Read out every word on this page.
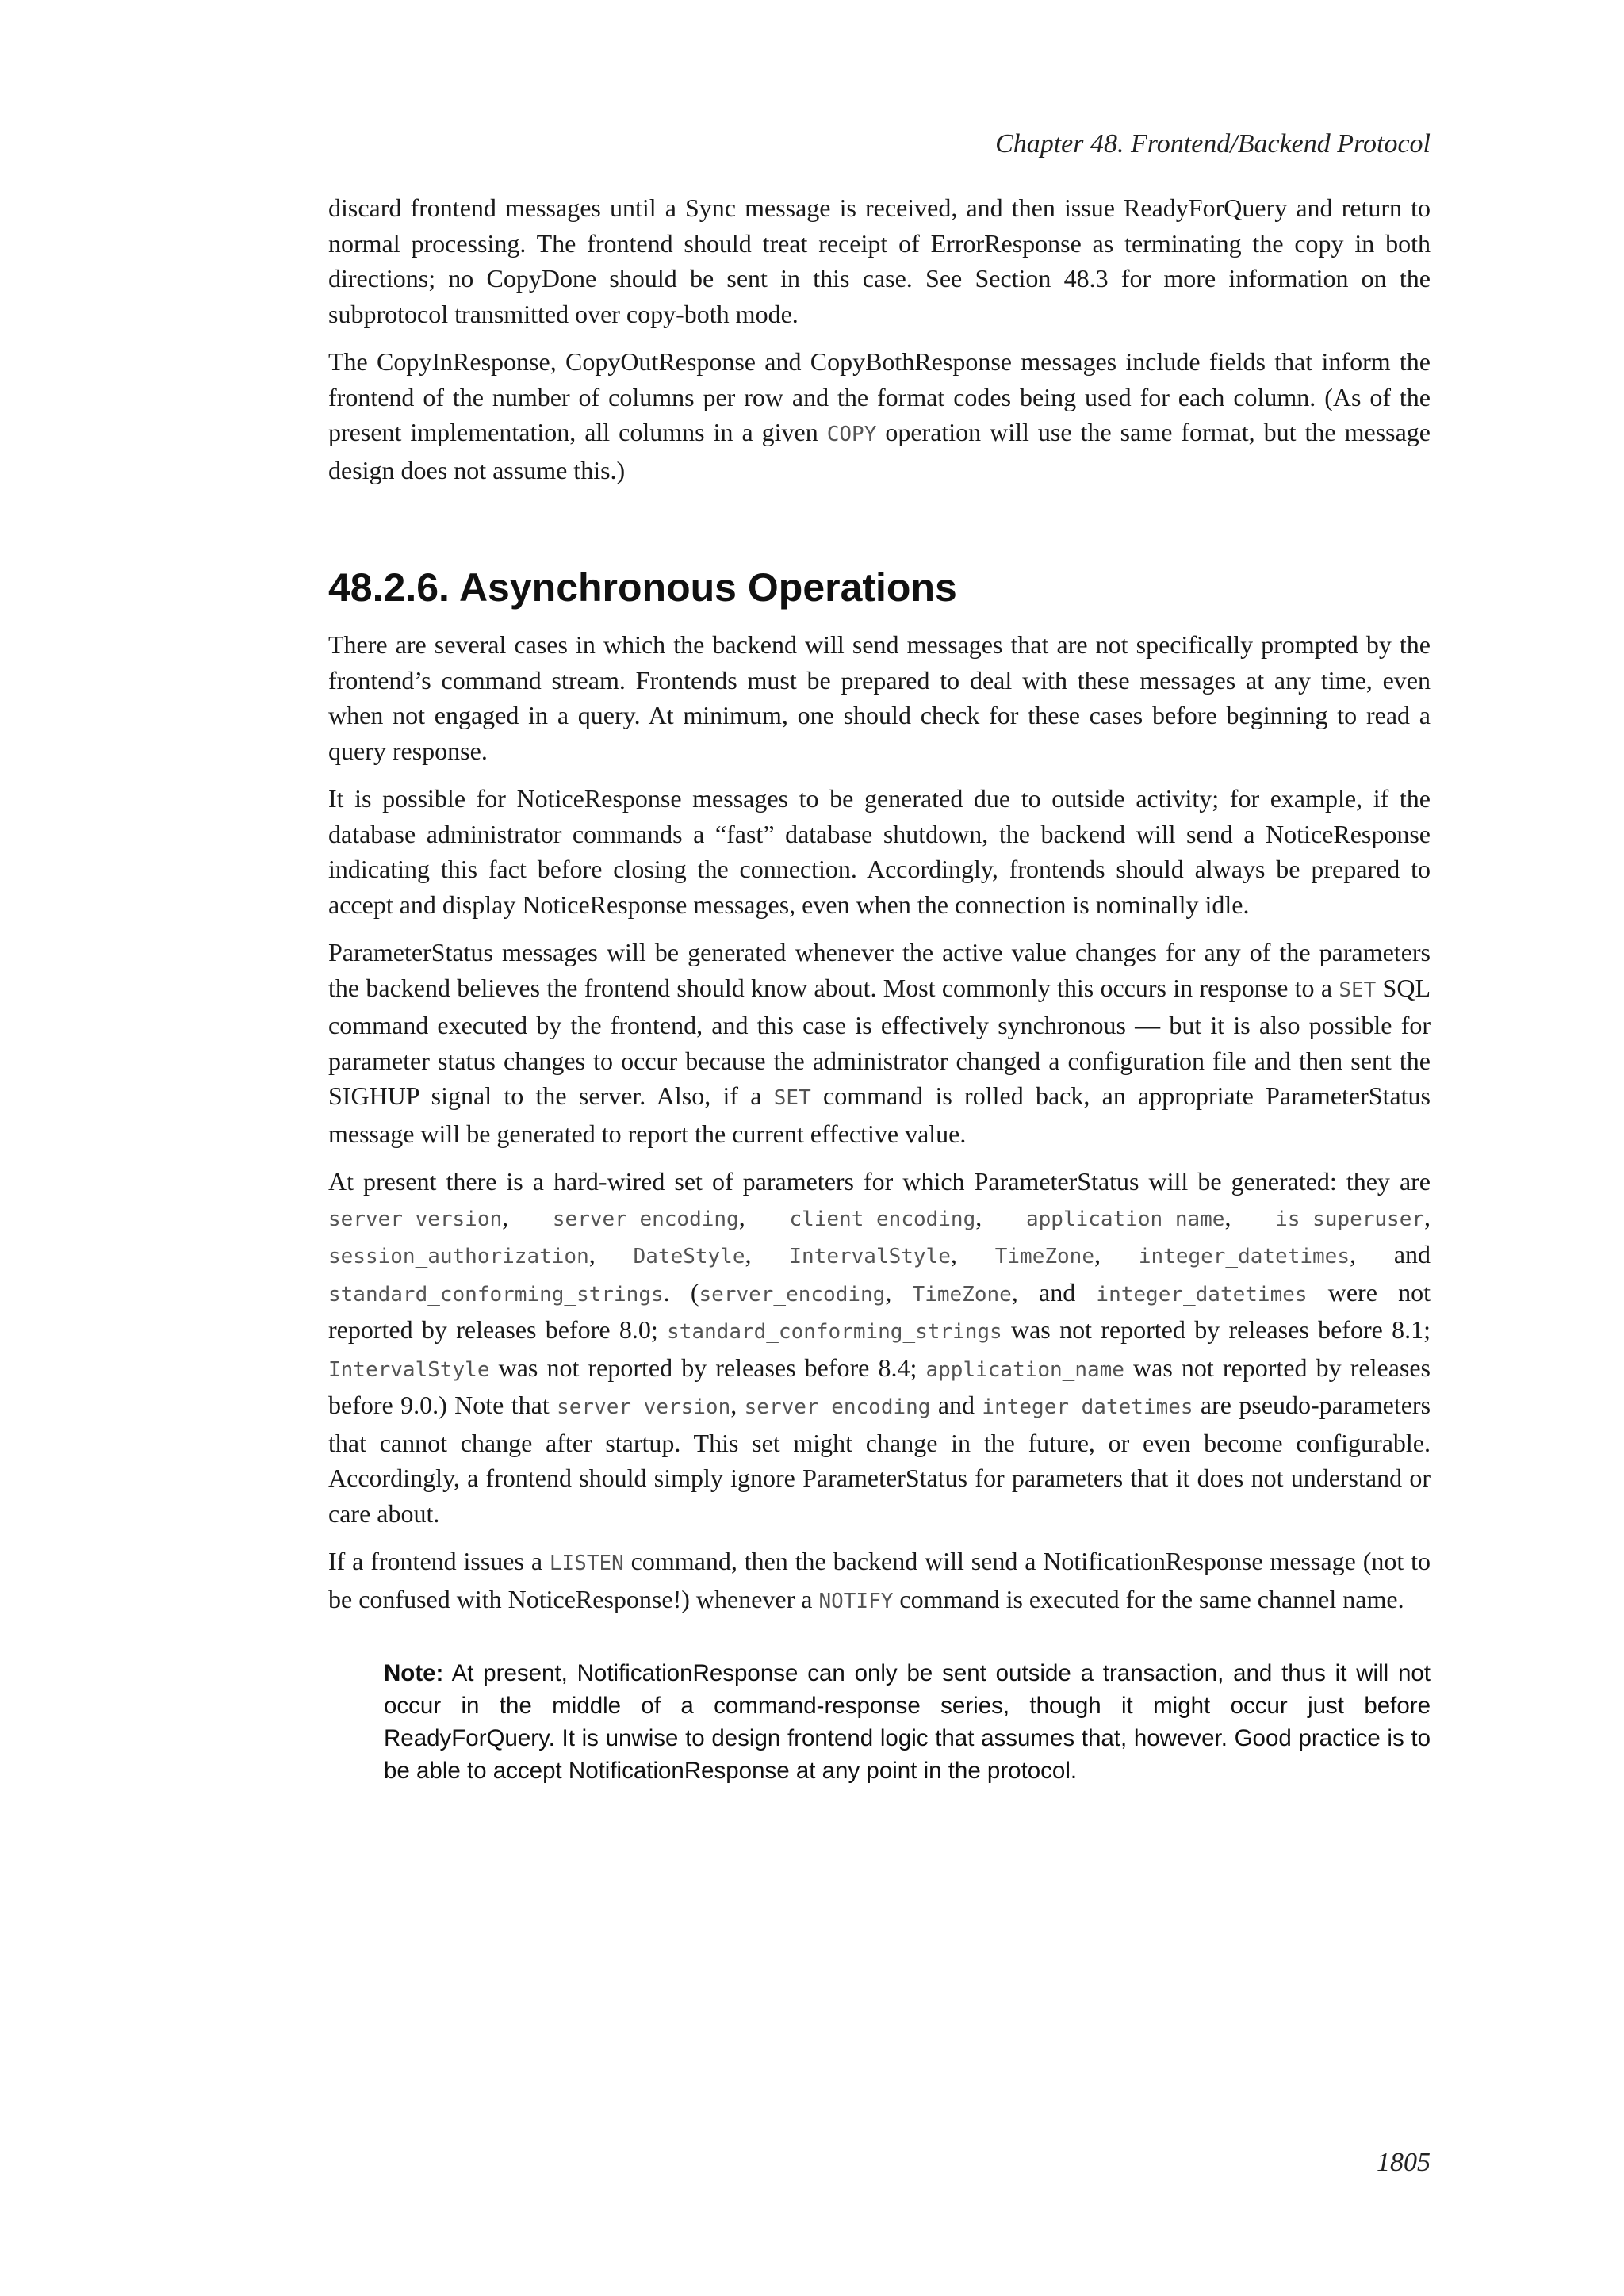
Chapter 48. Frontend/Backend Protocol

discard frontend messages until a Sync message is received, and then issue ReadyForQuery and return to normal processing. The frontend should treat receipt of ErrorResponse as terminating the copy in both directions; no CopyDone should be sent in this case. See Section 48.3 for more information on the subprotocol transmitted over copy-both mode.

The CopyInResponse, CopyOutResponse and CopyBothResponse messages include fields that inform the frontend of the number of columns per row and the format codes being used for each column. (As of the present implementation, all columns in a given COPY operation will use the same format, but the message design does not assume this.)

48.2.6. Asynchronous Operations

There are several cases in which the backend will send messages that are not specifically prompted by the frontend’s command stream. Frontends must be prepared to deal with these messages at any time, even when not engaged in a query. At minimum, one should check for these cases before beginning to read a query response.

It is possible for NoticeResponse messages to be generated due to outside activity; for example, if the database administrator commands a “fast” database shutdown, the backend will send a NoticeResponse indicating this fact before closing the connection. Accordingly, frontends should always be prepared to accept and display NoticeResponse messages, even when the connection is nominally idle.

ParameterStatus messages will be generated whenever the active value changes for any of the parameters the backend believes the frontend should know about. Most commonly this occurs in response to a SET SQL command executed by the frontend, and this case is effectively synchronous — but it is also possible for parameter status changes to occur because the administrator changed a configuration file and then sent the SIGHUP signal to the server. Also, if a SET command is rolled back, an appropriate ParameterStatus message will be generated to report the current effective value.

At present there is a hard-wired set of parameters for which ParameterStatus will be generated: they are server_version, server_encoding, client_encoding, application_name, is_superuser, session_authorization, DateStyle, IntervalStyle, TimeZone, integer_datetimes, and standard_conforming_strings. (server_encoding, TimeZone, and integer_datetimes were not reported by releases before 8.0; standard_conforming_strings was not reported by releases before 8.1; IntervalStyle was not reported by releases before 8.4; application_name was not reported by releases before 9.0.) Note that server_version, server_encoding and integer_datetimes are pseudo-parameters that cannot change after startup. This set might change in the future, or even become configurable. Accordingly, a frontend should simply ignore ParameterStatus for parameters that it does not understand or care about.

If a frontend issues a LISTEN command, then the backend will send a NotificationResponse message (not to be confused with NoticeResponse!) whenever a NOTIFY command is executed for the same channel name.

Note: At present, NotificationResponse can only be sent outside a transaction, and thus it will not occur in the middle of a command-response series, though it might occur just before ReadyForQuery. It is unwise to design frontend logic that assumes that, however. Good practice is to be able to accept NotificationResponse at any point in the protocol.
1805
